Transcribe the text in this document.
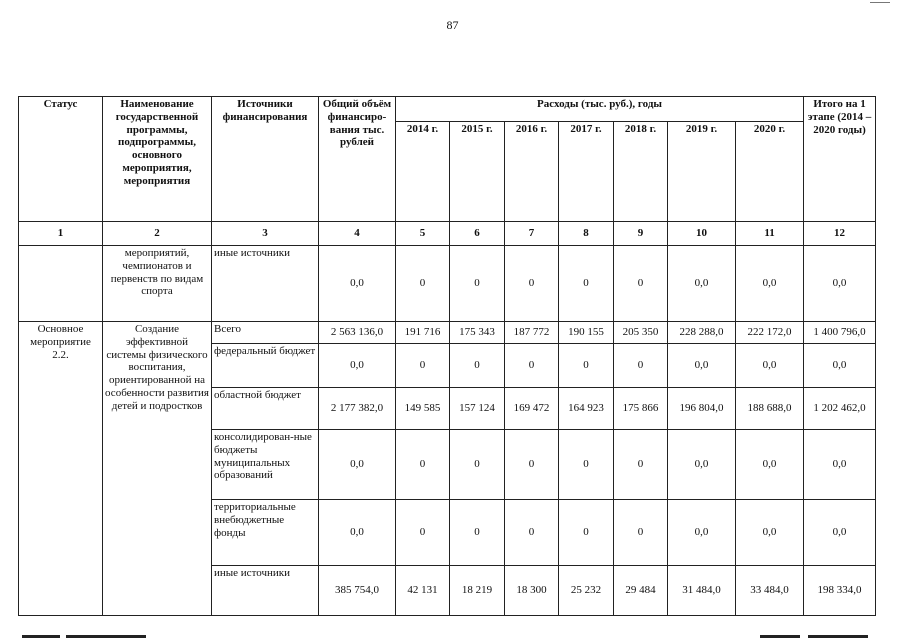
87
Статус	Наименование государственной программы, подпрограммы, основного мероприятия, мероприятия	Источники финансирования	Общий объём финансиро-вания тыс. рублей	Расходы (тыс. руб.), годы							Итого на 1 этапе (2014 – 2020 годы)
				2014 г.	2015 г.	2016 г.	2017 г.	2018 г.	2019 г.	2020 г.	
1	2	3	4	5	6	7	8	9	10	11	12
	мероприятий, чемпионатов и первенств по видам спорта	иные источники	0,0	0	0	0	0	0	0,0	0,0	0,0
Основное мероприятие 2.2.	Создание эффективной системы физического воспитания, ориентированной на особенности развития детей и подростков	Всего	2 563 136,0	191 716	175 343	187 772	190 155	205 350	228 288,0	222 172,0	1 400 796,0
		федеральный бюджет	0,0	0	0	0	0	0	0,0	0,0	0,0
		областной бюджет	2 177 382,0	149 585	157 124	169 472	164 923	175 866	196 804,0	188 688,0	1 202 462,0
		консолидирован-ные бюджеты муниципальных образований	0,0	0	0	0	0	0	0,0	0,0	0,0
		территориальные внебюджетные фонды	0,0	0	0	0	0	0	0,0	0,0	0,0
		иные источники	385 754,0	42 131	18 219	18 300	25 232	29 484	31 484,0	33 484,0	198 334,0
